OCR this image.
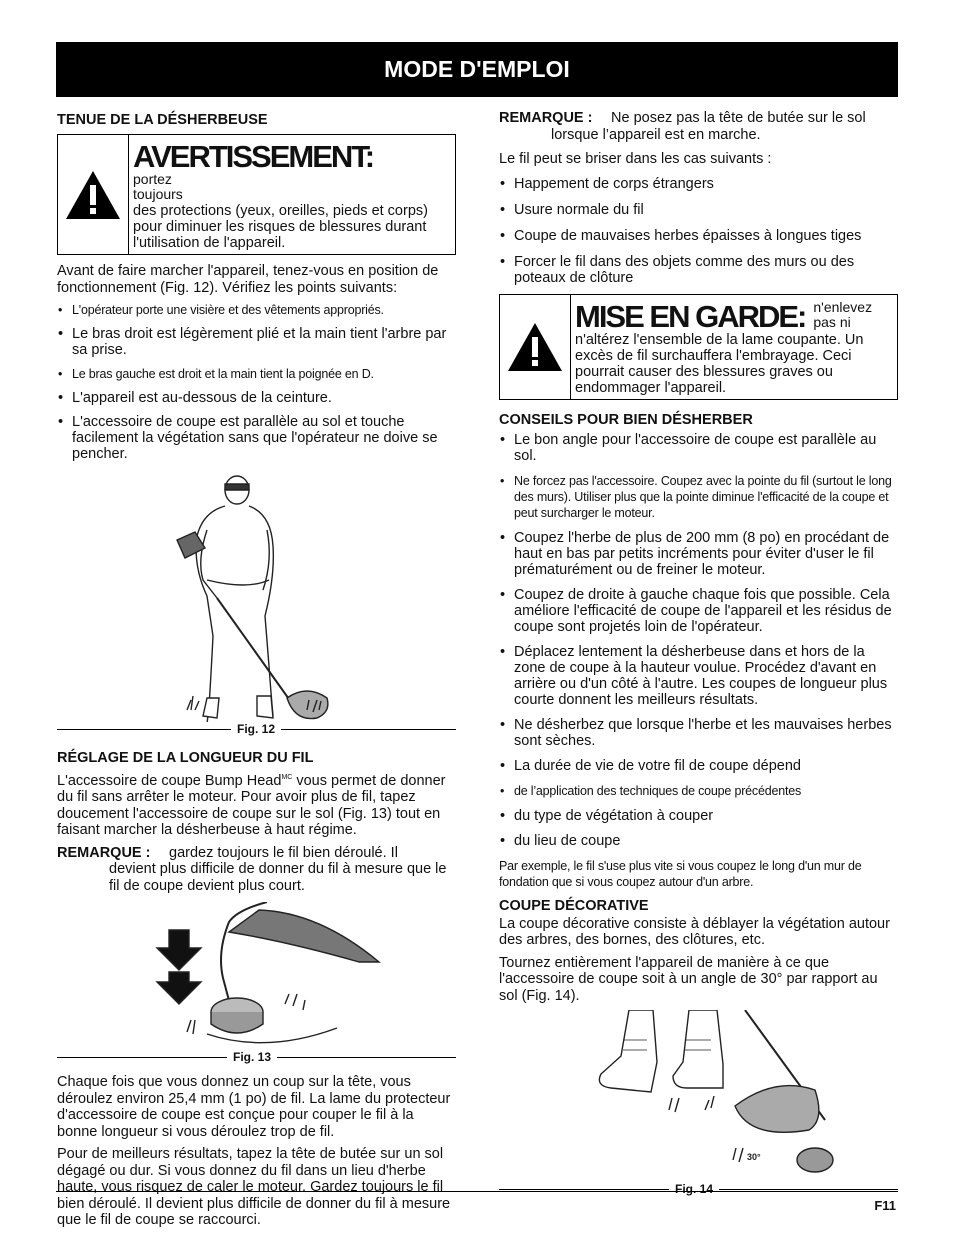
MODE D'EMPLOI
TENUE DE LA DÉSHERBEUSE
AVERTISSEMENT:
portez toujours
des protections (yeux, oreilles, pieds et corps) pour diminuer les risques de blessures durant l'utilisation de l'appareil.

Avant de faire marcher l'appareil, tenez-vous en position de fonctionnement (Fig. 12). Vérifiez les points suivants:

• L'opérateur porte une visière et des vêtements appropriés.
• Le bras droit est légèrement plié et la main tient l'arbre par sa prise.
• Le bras gauche est droit et la main tient la poignée en D.
• L'appareil est au-dessous de la ceinture.
• L'accessoire de coupe est parallèle au sol et touche facilement la végétation sans que l'opérateur ne doive se pencher.
Fig. 12
RÉGLAGE DE LA LONGUEUR DU FIL

L'accessoire de coupe Bump Head$^{MC}$ vous permet de donner du fil sans arrêter le moteur. Pour avoir plus de fil, tapez doucement l'accessoire de coupe sur le sol (Fig. 13) tout en faisant marcher la désherbeuse à haut régime.

REMARQUE : gardez toujours le fil bien déroulé. Il
devient plus difficile de donner du fil à mesure que le fil de coupe devient plus court.
Fig. 13

Chaque fois que vous donnez un coup sur la tête, vous déroulez environ 25,4 mm (1 po) de fil. La lame du protecteur d'accessoire de coupe est conçue pour couper le fil à la bonne longueur si vous déroulez trop de fil.

Pour de meilleurs résultats, tapez la tête de butée sur un sol dégagé ou dur. Si vous donnez du fil dans un lieu d'herbe haute, vous risquez de caler le moteur. Gardez toujours le fil bien déroulé. Il devient plus difficile de donner du fil à mesure que le fil de coupe se raccourci.

REMARQUE : Ne posez pas la tête de butée sur le sol
lorsque l’appareil est en marche.

Le fil peut se briser dans les cas suivants :

• Happement de corps étrangers
• Usure normale du fil
• Coupe de mauvaises herbes épaisses à longues tiges
• Forcer le fil dans des objets comme des murs ou des poteaux de clôture
MISE EN GARDE: n'enlevez pas ni
n'altérez l'ensemble de la lame coupante. Un excès de fil surchauffera l'embrayage. Ceci pourrait causer des blessures graves ou endommager l'appareil.
CONSEILS POUR BIEN DÉSHERBER
• Le bon angle pour l'accessoire de coupe est parallèle au sol.
• Ne forcez pas l'accessoire. Coupez avec la pointe du fil (surtout le long des murs). Utiliser plus que la pointe diminue l'efficacité de la coupe et peut surcharger le moteur.
• Coupez l'herbe de plus de 200 mm (8 po) en procédant de haut en bas par petits incréments pour éviter d'user le fil prématurément ou de freiner le moteur.
• Coupez de droite à gauche chaque fois que possible. Cela améliore l'efficacité de coupe de l'appareil et les résidus de coupe sont projetés loin de l'opérateur.
• Déplacez lentement la désherbeuse dans et hors de la zone de coupe à la hauteur voulue. Procédez d'avant en arrière ou d'un côté à l'autre. Les coupes de longueur plus courte donnent les meilleurs résultats.
• Ne désherbez que lorsque l'herbe et les mauvaises herbes sont sèches.
• La durée de vie de votre fil de coupe dépend
• de l’application des techniques de coupe précédentes
• du type de végétation à couper
• du lieu de coupe

Par exemple, le fil s'use plus vite si vous coupez le long d'un mur de fondation que si vous coupez autour d'un arbre.

COUPE DÉCORATIVE

La coupe décorative consiste à déblayer la végétation autour des arbres, des bornes, des clôtures, etc.

Tournez entièrement l'appareil de manière à ce que l'accessoire de coupe soit à un angle de 30° par rapport au sol (Fig. 14).

30°
Fig. 14
F11
